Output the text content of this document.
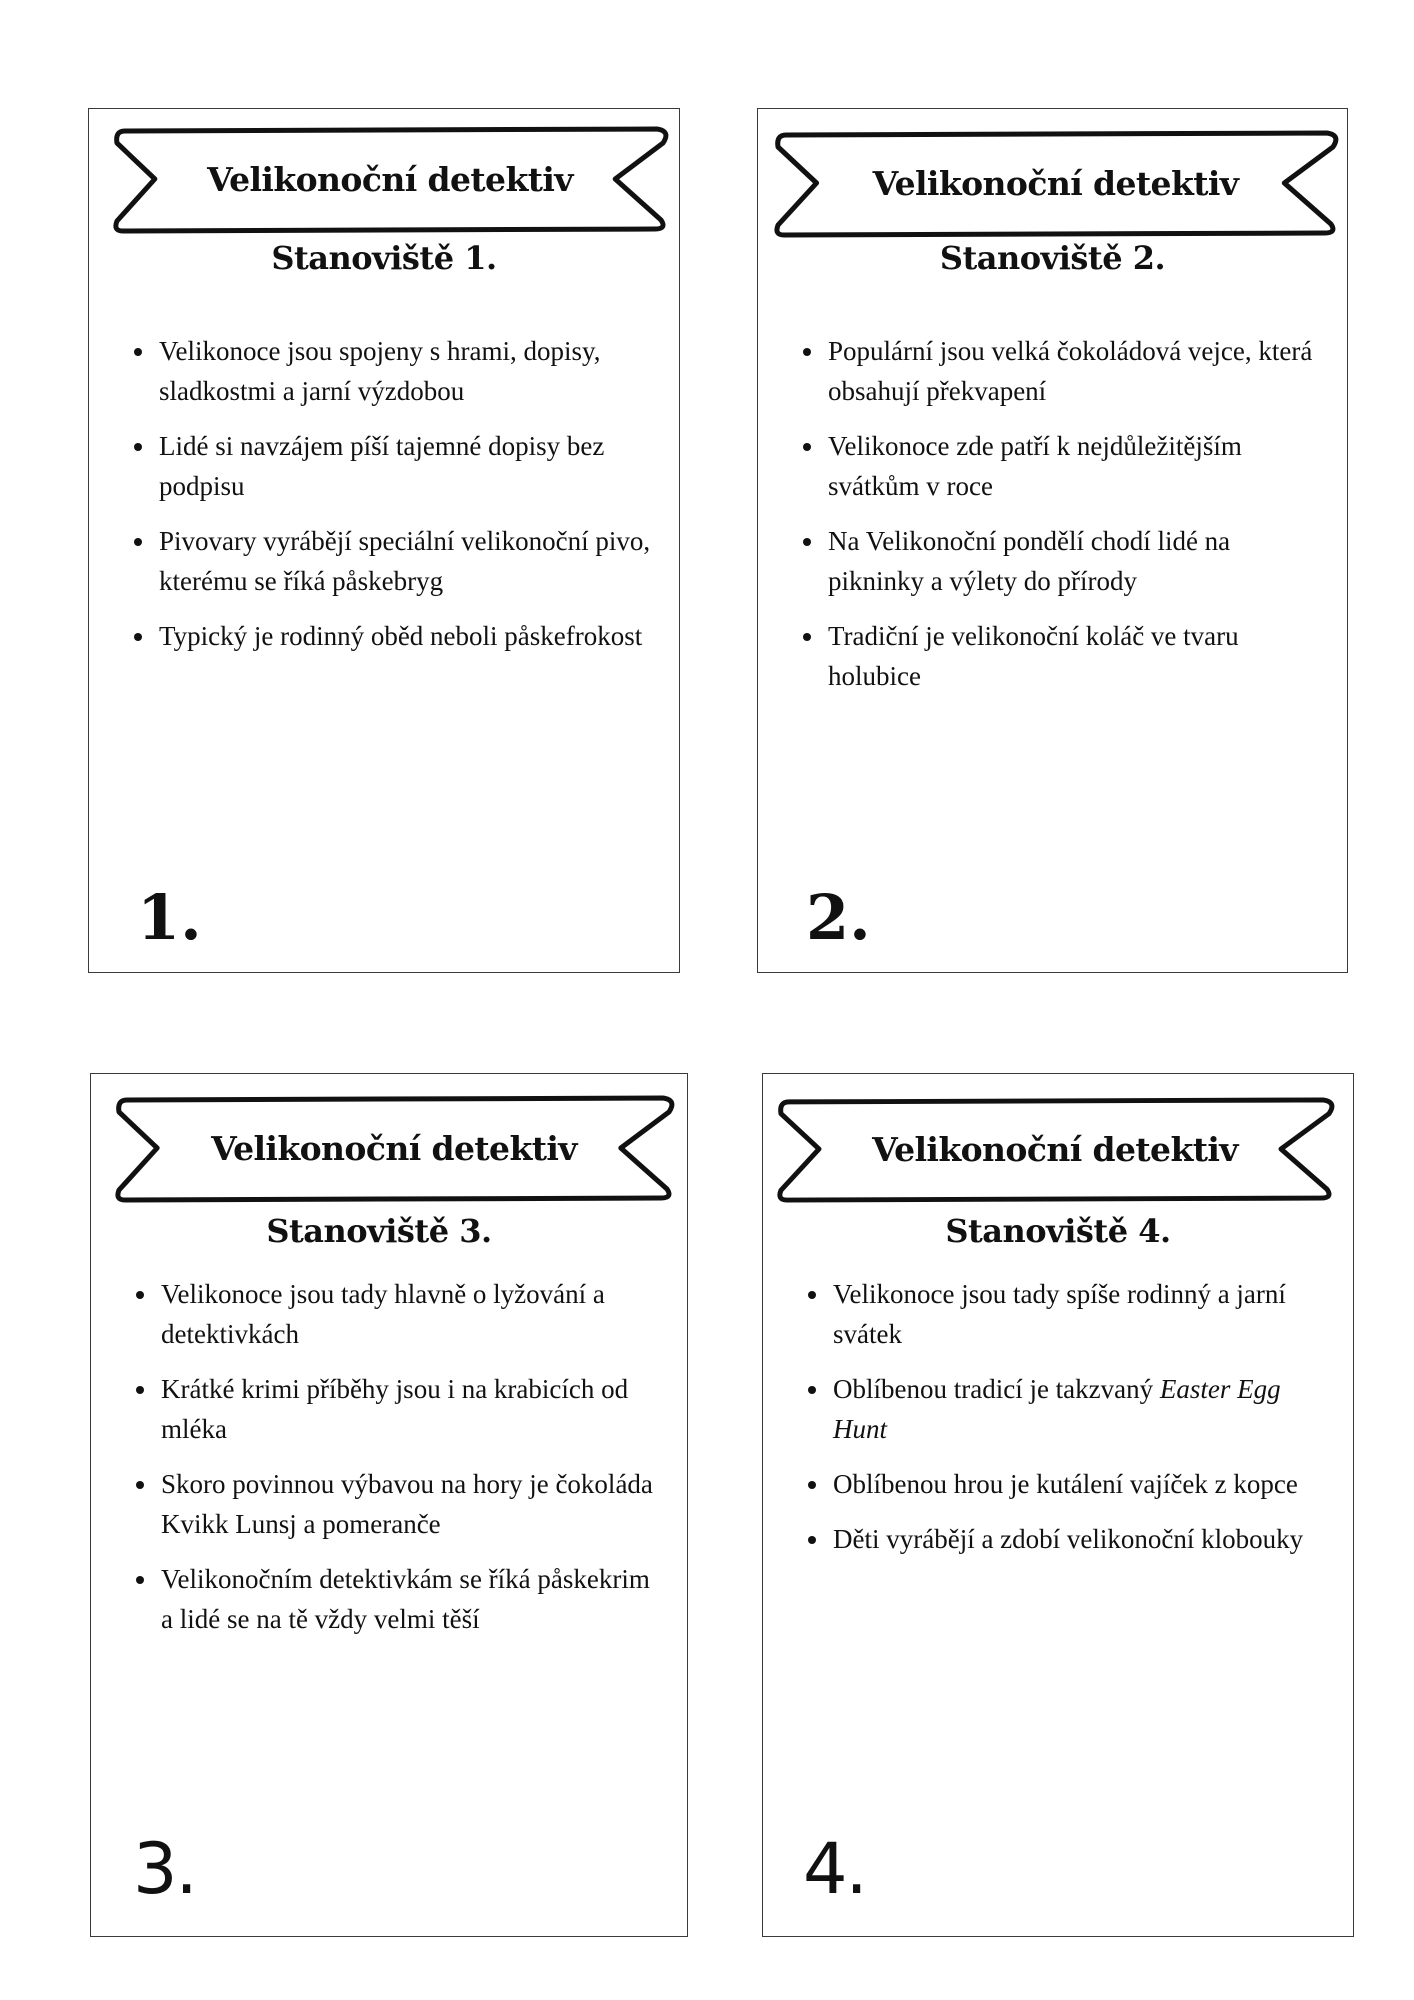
Velikonoční detektiv
Stanoviště 1.
Velikonoce jsou spojeny s hrami, dopisy, sladkostmi a jarní výzdobou
Lidé si navzájem píší tajemné dopisy bez podpisu
Pivovary vyrábějí speciální velikonoční pivo, kterému se říká påskebryg
Typický je rodinný oběd neboli påskefrokost
1.
Velikonoční detektiv
Stanoviště 2.
Populární jsou velká čokoládová vejce, která obsahují překvapení
Velikonoce zde patří k nejdůležitějším svátkům v roce
Na Velikonoční pondělí chodí lidé na pikninky a výlety do přírody
Tradiční je velikonoční koláč ve tvaru holubice
2.
Velikonoční detektiv
Stanoviště 3.
Velikonoce jsou tady hlavně o lyžování a detektivkách
Krátké krimi příběhy jsou i na krabicích od mléka
Skoro povinnou výbavou na hory je čokoláda Kvikk Lunsj a pomeranče
Velikonočním detektivkám se říká påskekrim a lidé se na tě vždy velmi těší
3.
Velikonoční detektiv
Stanoviště 4.
Velikonoce jsou tady spíše rodinný a jarní svátek
Oblíbenou tradicí je takzvaný Easter Egg Hunt
Oblíbenou hrou je kutálení vajíček z kopce
Děti vyrábějí a zdobí velikonoční klobouky
4.
